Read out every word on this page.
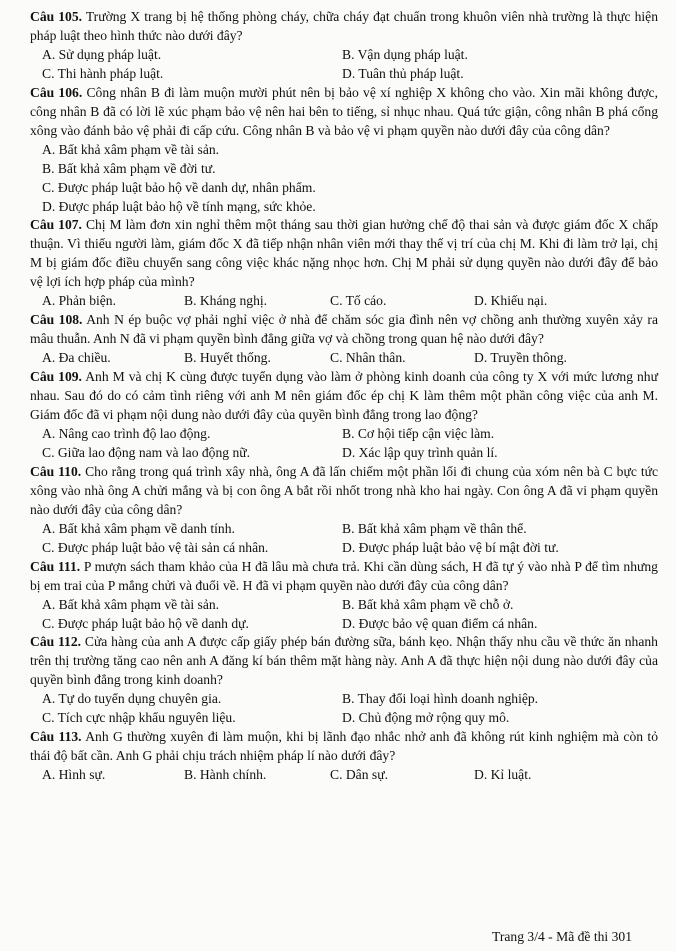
Câu 105. Trường X trang bị hệ thống phòng cháy, chữa cháy đạt chuẩn trong khuôn viên nhà trường là thực hiện pháp luật theo hình thức nào dưới đây?

A. Sử dụng pháp luật.	B. Vận dụng pháp luật.
C. Thi hành pháp luật.	D. Tuân thủ pháp luật.

Câu 106. Công nhân B đi làm muộn mười phút nên bị bảo vệ xí nghiệp X không cho vào. Xin mãi không được, công nhân B đã có lời lẽ xúc phạm bảo vệ nên hai bên to tiếng, sỉ nhục nhau. Quá tức giận, công nhân B phá cổng xông vào đánh bảo vệ phải đi cấp cứu. Công nhân B và bảo vệ vi phạm quyền nào dưới đây của công dân?

A. Bất khả xâm phạm về tài sản.
B. Bất khả xâm phạm về đời tư.
C. Được pháp luật bảo hộ về danh dự, nhân phẩm.
D. Được pháp luật bảo hộ về tính mạng, sức khỏe.

Câu 107. Chị M làm đơn xin nghỉ thêm một tháng sau thời gian hưởng chế độ thai sản và được giám đốc X chấp thuận. Vì thiếu người làm, giám đốc X đã tiếp nhận nhân viên mới thay thế vị trí của chị M. Khi đi làm trở lại, chị M bị giám đốc điều chuyển sang công việc khác nặng nhọc hơn. Chị M phải sử dụng quyền nào dưới đây để bảo vệ lợi ích hợp pháp của mình?

A. Phản biện.	B. Kháng nghị.	C. Tố cáo.	D. Khiếu nại.

Câu 108. Anh N ép buộc vợ phải nghỉ việc ở nhà để chăm sóc gia đình nên vợ chồng anh thường xuyên xảy ra mâu thuẫn. Anh N đã vi phạm quyền bình đẳng giữa vợ và chồng trong quan hệ nào dưới đây?

A. Đa chiều.	B. Huyết thống.	C. Nhân thân.	D. Truyền thông.

Câu 109. Anh M và chị K cùng được tuyển dụng vào làm ở phòng kinh doanh của công ty X với mức lương như nhau. Sau đó do có cảm tình riêng với anh M nên giám đốc ép chị K làm thêm một phần công việc của anh M. Giám đốc đã vi phạm nội dung nào dưới đây của quyền bình đẳng trong lao động?

A. Nâng cao trình độ lao động.	B. Cơ hội tiếp cận việc làm.
C. Giữa lao động nam và lao động nữ.	D. Xác lập quy trình quản lí.

Câu 110. Cho rằng trong quá trình xây nhà, ông A đã lấn chiếm một phần lối đi chung của xóm nên bà C bực tức xông vào nhà ông A chửi mắng và bị con ông A bắt rồi nhốt trong nhà kho hai ngày. Con ông A đã vi phạm quyền nào dưới đây của công dân?

A. Bất khả xâm phạm về danh tính.	B. Bất khả xâm phạm về thân thể.
C. Được pháp luật bảo vệ tài sản cá nhân.	D. Được pháp luật bảo vệ bí mật đời tư.

Câu 111. P mượn sách tham khảo của H đã lâu mà chưa trả. Khi cần dùng sách, H đã tự ý vào nhà P để tìm nhưng bị em trai của P mắng chửi và đuổi về. H đã vi phạm quyền nào dưới đây của công dân?

A. Bất khả xâm phạm về tài sản.	B. Bất khả xâm phạm về chỗ ở.
C. Được pháp luật bảo hộ về danh dự.	D. Được bảo vệ quan điểm cá nhân.

Câu 112. Cửa hàng của anh A được cấp giấy phép bán đường sữa, bánh kẹo. Nhận thấy nhu cầu về thức ăn nhanh trên thị trường tăng cao nên anh A đăng kí bán thêm mặt hàng này. Anh A đã thực hiện nội dung nào dưới đây của quyền bình đẳng trong kinh doanh?

A. Tự do tuyển dụng chuyên gia.	B. Thay đổi loại hình doanh nghiệp.
C. Tích cực nhập khẩu nguyên liệu.	D. Chủ động mở rộng quy mô.

Câu 113. Anh G thường xuyên đi làm muộn, khi bị lãnh đạo nhắc nhở anh đã không rút kinh nghiệm mà còn tỏ thái độ bất cần. Anh G phải chịu trách nhiệm pháp lí nào dưới đây?

A. Hình sự.	B. Hành chính.	C. Dân sự.	D. Kỉ luật.
Trang 3/4 - Mã đề thi 301
